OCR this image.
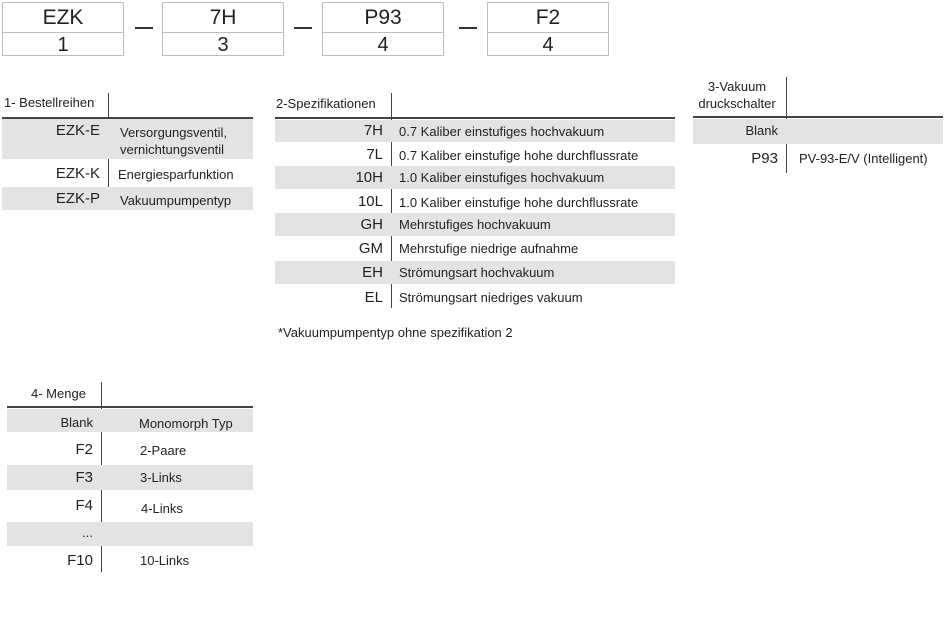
EZK
1
7H
3
P93
4
F2
4
1- Bestellreihen
EZK-E Versorgungsventil,
vernichtungsventil
EZK-K Energiesparfunktion
EZK-P Vakuumpumpentyp
2-Spezifikationen
7H 0.7 Kaliber einstufiges hochvakuum
7L 0.7 Kaliber einstufige hohe durchflussrate
10H 1.0 Kaliber einstufiges hochvakuum
10L 1.0 Kaliber einstufige hohe durchflussrate
GH Mehrstufiges hochvakuum
GM Mehrstufige niedrige aufnahme
EH Strömungsart hochvakuum
EL Strömungsart niedriges vakuum
*Vakuumpumpentyp ohne spezifikation 2
3-Vakuum
druckschalter
Blank
P93 PV-93-E/V (Intelligent)
4- Menge
Blank	Monomorph Typ
F2	2-Paare
F3	3-Links
F4	4-Links
...
F10	10-Links
